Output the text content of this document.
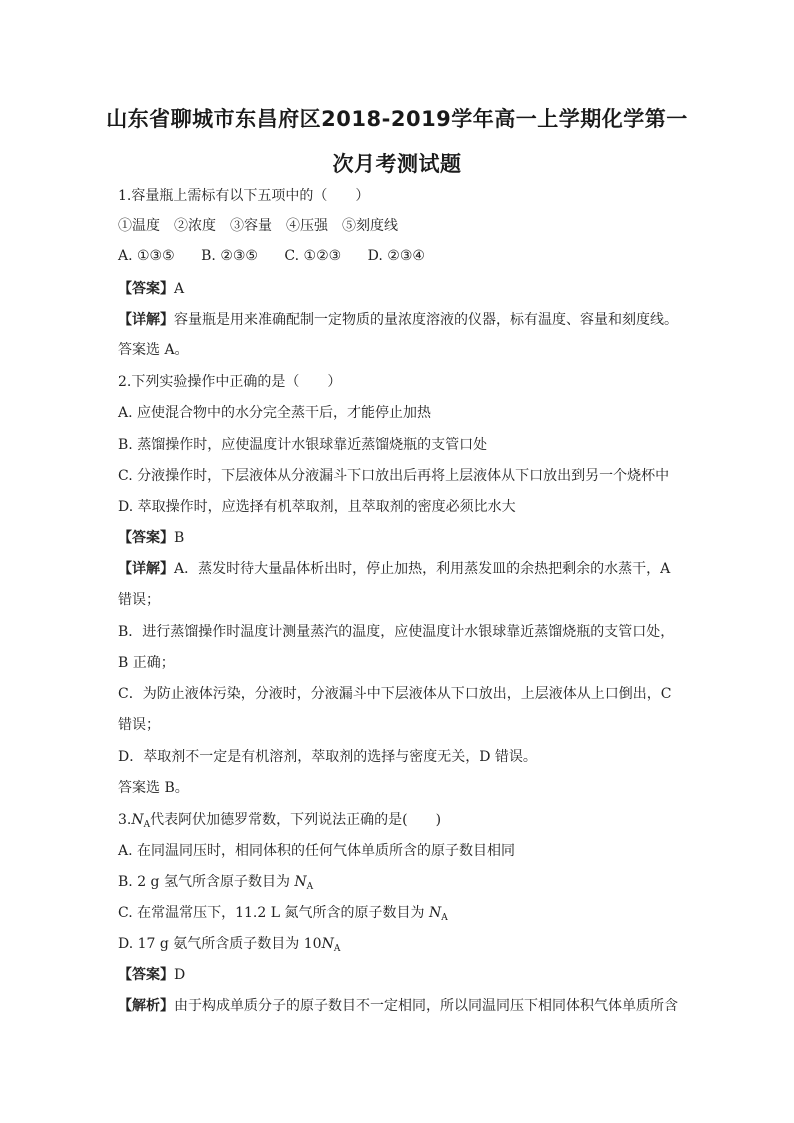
山东省聊城市东昌府区2018-2019学年高一上学期化学第一
次月考测试题
1.容量瓶上需标有以下五项中的（　　）
①温度　②浓度　③容量　④压强　⑤刻度线
A. ①③⑤ B. ②③⑤ C. ①②③ D. ②③④
【答案】A
【详解】容量瓶是用来准确配制一定物质的量浓度溶液的仪器，标有温度、容量和刻度线。
答案选 A。
2.下列实验操作中正确的是（　　）
A. 应使混合物中的水分完全蒸干后，才能停止加热
B. 蒸馏操作时，应使温度计水银球靠近蒸馏烧瓶的支管口处
C. 分液操作时，下层液体从分液漏斗下口放出后再将上层液体从下口放出到另一个烧杯中
D. 萃取操作时，应选择有机萃取剂，且萃取剂的密度必须比水大
【答案】B
【详解】A．蒸发时待大量晶体析出时，停止加热，利用蒸发皿的余热把剩余的水蒸干，A
错误；
B．进行蒸馏操作时温度计测量蒸汽的温度，应使温度计水银球靠近蒸馏烧瓶的支管口处，
B 正确；
C．为防止液体污染，分液时，分液漏斗中下层液体从下口放出，上层液体从上口倒出，C
错误；
D．萃取剂不一定是有机溶剂，萃取剂的选择与密度无关，D 错误。
答案选 B。
$3.N_A$代表阿伏加德罗常数，下列说法正确的是(　　)
A. 在同温同压时，相同体积的任何气体单质所含的原子数目相同
B. 2 g 氢气所含原子数目为 $N_A$
C. 在常温常压下，11.2 L 氮气所含的原子数目为 $N_A$
D. 17 g 氨气所含质子数目为 $10N_A$
【答案】D
【解析】由于构成单质分子的原子数目不一定相同，所以同温同压下相同体积气体单质所含
